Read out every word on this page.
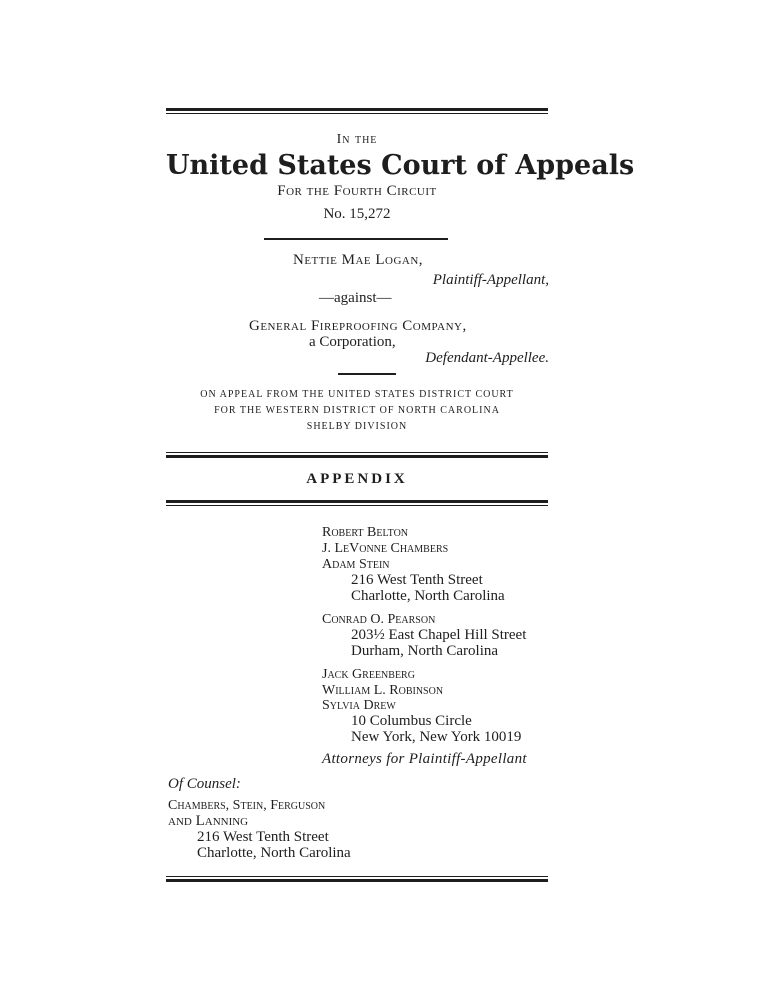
In the
United States Court of Appeals
For the Fourth Circuit
No. 15,272
Nettie Mae Logan,
Plaintiff-Appellant,
—against—
General Fireproofing Company,
a Corporation,
Defendant-Appellee.
ON APPEAL FROM THE UNITED STATES DISTRICT COURT
FOR THE WESTERN DISTRICT OF NORTH CAROLINA
SHELBY DIVISION
APPENDIX
Robert Belton
J. LeVonne Chambers
Adam Stein
216 West Tenth Street
Charlotte, North Carolina
Conrad O. Pearson
203½ East Chapel Hill Street
Durham, North Carolina
Jack Greenberg
William L. Robinson
Sylvia Drew
10 Columbus Circle
New York, New York 10019
Attorneys for Plaintiff-Appellant
Of Counsel:
Chambers, Stein, Ferguson
and Lanning
216 West Tenth Street
Charlotte, North Carolina
